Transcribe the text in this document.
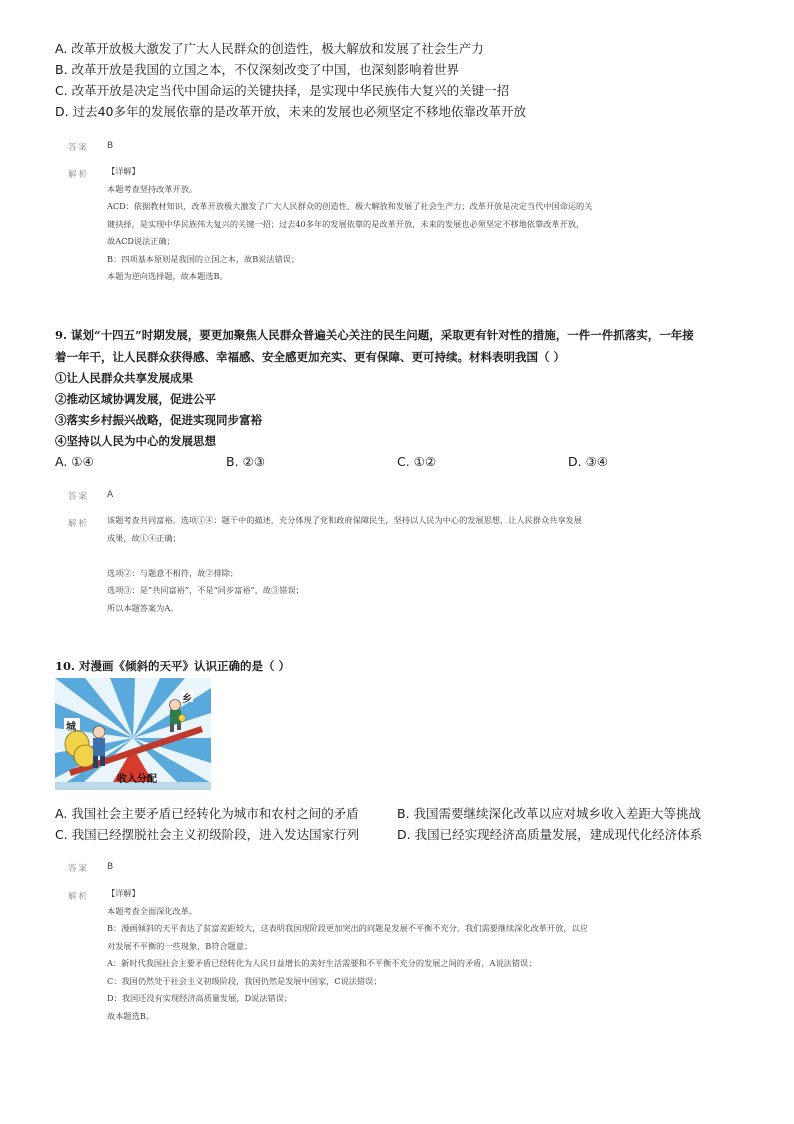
A. 改革开放极大激发了广大人民群众的创造性，极大解放和发展了社会生产力
B. 改革开放是我国的立国之本，不仅深刻改变了中国，也深刻影响着世界
C. 改革开放是决定当代中国命运的关键抉择，是实现中华民族伟大复兴的关键一招
D. 过去40多年的发展依靠的是改革开放，未来的发展也必须坚定不移地依靠改革开放
答案 B
解析 【详解】
本题考查坚持改革开放。
ACD：依据教材知识，改革开放极大激发了广大人民群众的创造性，极大解放和发展了社会生产力；改革开放是决定当代中国命运的关
键抉择，是实现中华民族伟大复兴的关键一招；过去40多年的发展依靠的是改革开放，未来的发展也必须坚定不移地依靠改革开放，
故ACD说法正确；
B：四项基本原则是我国的立国之本，故B说法错误；
本题为逆向选择题，故本题选B。
9. 谋划“十四五”时期发展，要更加聚焦人民群众普遍关心关注的民生问题，采取更有针对性的措施，一件一件抓落实，一年接
着一年干，让人民群众获得感、幸福感、安全感更加充实、更有保障、更可持续。材料表明我国（ ）
①让人民群众共享发展成果
②推动区域协调发展，促进公平
③落实乡村振兴战略，促进实现同步富裕
④坚持以人民为中心的发展思想
A. ①④	B. ②③	C. ①②	D. ③④
答案 A
解析 该题考查共同富裕。选项①④：题干中的描述，充分体现了党和政府保障民生，坚持以人民为中心的发展思想，让人民群众共享发展
成果，故①④正确；
选项②：与题意不相符，故②排除；
选项③：是“共同富裕”，不是“同步富裕”，故③错误；
所以本题答案为A。
10. 对漫画《倾斜的天平》认识正确的是（ ）
城
乡
收入分配
A. 我国社会主要矛盾已经转化为城市和农村之间的矛盾	B. 我国需要继续深化改革以应对城乡收入差距大等挑战
C. 我国已经摆脱社会主义初级阶段，进入发达国家行列	D. 我国已经实现经济高质量发展，建成现代化经济体系
答案 B
解析 【详解】
本题考查全面深化改革。
B：漫画倾斜的天平表达了贫富差距较大，这表明我国现阶段更加突出的问题是发展不平衡不充分，我们需要继续深化改革开放，以应
对发展不平衡的一些现象，B符合题意；
A：新时代我国社会主要矛盾已经转化为人民日益增长的美好生活需要和不平衡不充分的发展之间的矛盾，A说法错误；
C：我国仍然处于社会主义初级阶段，我国仍然是发展中国家，C说法错误；
D：我国还没有实现经济高质量发展，D说法错误；
故本题选B。
